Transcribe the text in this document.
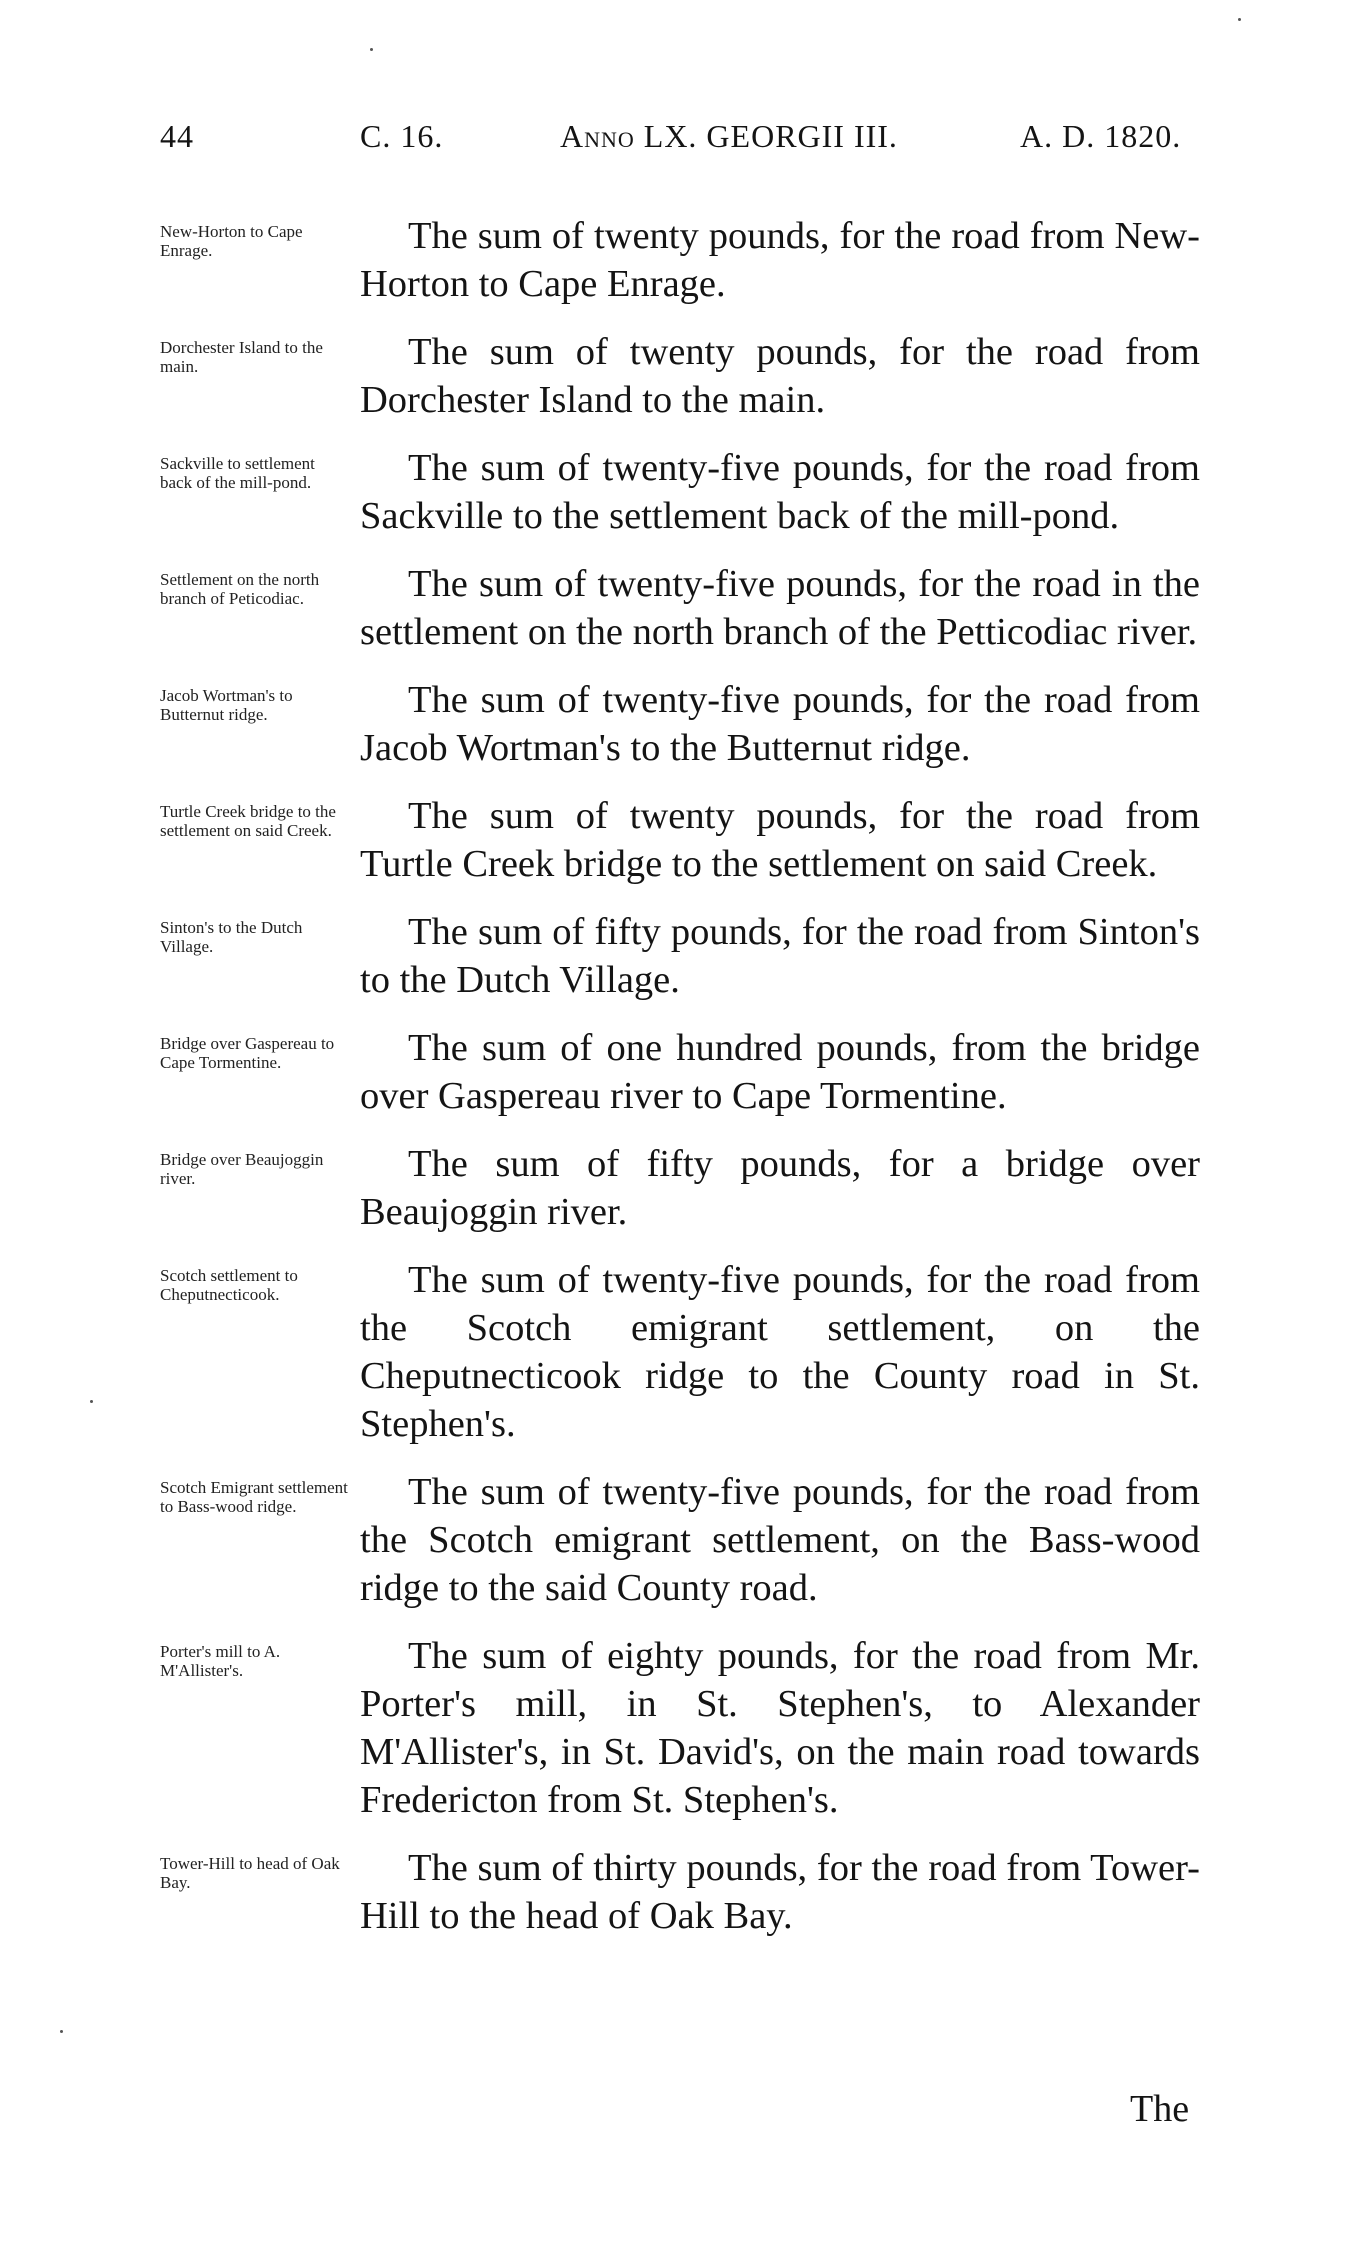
44	C. 16.	Anno LX. GEORGII III.	A. D. 1820.
New-Horton to Cape Enrage.	The sum of twenty pounds, for the road from New-Horton to Cape Enrage.
Dorchester Island to the main.	The sum of twenty pounds, for the road from Dorchester Island to the main.
Sackville to settlement back of the mill-pond.	The sum of twenty-five pounds, for the road from Sackville to the settlement back of the mill-pond.
Settlement on the north branch of Peticodiac.	The sum of twenty-five pounds, for the road in the settlement on the north branch of the Petticodiac river.
Jacob Wortman's to Butternut ridge.	The sum of twenty-five pounds, for the road from Jacob Wortman's to the Butternut ridge.
Turtle Creek bridge to the settlement on said Creek.	The sum of twenty pounds, for the road from Turtle Creek bridge to the settlement on said Creek.
Sinton's to the Dutch Village.	The sum of fifty pounds, for the road from Sinton's to the Dutch Village.
Bridge over Gaspereau to Cape Tormentine.	The sum of one hundred pounds, from the bridge over Gaspereau river to Cape Tormentine.
Bridge over Beaujoggin river.	The sum of fifty pounds, for a bridge over Beaujoggin river.
Scotch settlement to Cheputnecticook.	The sum of twenty-five pounds, for the road from the Scotch emigrant settlement, on the Cheputnecticook ridge to the County road in St. Stephen's.
Scotch Emigrant settlement to Bass-wood ridge.	The sum of twenty-five pounds, for the road from the Scotch emigrant settlement, on the Bass-wood ridge to the said County road.
Porter's mill to A. M'Allister's.	The sum of eighty pounds, for the road from Mr. Porter's mill, in St. Stephen's, to Alexander M'Allister's, in St. David's, on the main road towards Fredericton from St. Stephen's.
Tower-Hill to head of Oak Bay.	The sum of thirty pounds, for the road from Tower-Hill to the head of Oak Bay.
The
